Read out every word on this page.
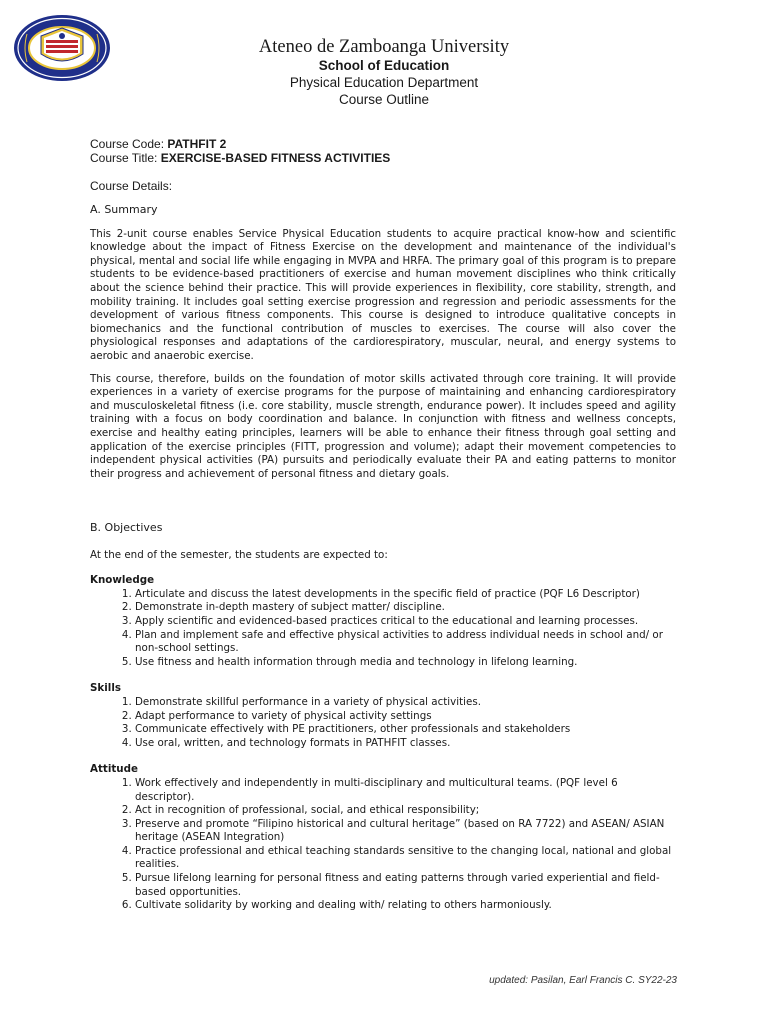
Ateneo de Zamboanga University
School of Education
Physical Education Department
Course Outline
Course Code: PATHFIT 2
Course Title: EXERCISE-BASED FITNESS ACTIVITIES
Course Details:
A. Summary

This 2-unit course enables Service Physical Education students to acquire practical know-how and scientific knowledge about the impact of Fitness Exercise on the development and maintenance of the individual's physical, mental and social life while engaging in MVPA and HRFA. The primary goal of this program is to prepare students to be evidence-based practitioners of exercise and human movement disciplines who think critically about the science behind their practice. This will provide experiences in flexibility, core stability, strength, and mobility training. It includes goal setting exercise progression and regression and periodic assessments for the development of various fitness components. This course is designed to introduce qualitative concepts in biomechanics and the functional contribution of muscles to exercises. The course will also cover the physiological responses and adaptations of the cardiorespiratory, muscular, neural, and energy systems to aerobic and anaerobic exercise.

This course, therefore, builds on the foundation of motor skills activated through core training. It will provide experiences in a variety of exercise programs for the purpose of maintaining and enhancing cardiorespiratory and musculoskeletal fitness (i.e. core stability, muscle strength, endurance power). It includes speed and agility training with a focus on body coordination and balance. In conjunction with fitness and wellness concepts, exercise and healthy eating principles, learners will be able to enhance their fitness through goal setting and application of the exercise principles (FITT, progression and volume); adapt their movement competencies to independent physical activities (PA) pursuits and periodically evaluate their PA and eating patterns to monitor their progress and achievement of personal fitness and dietary goals.

B. Objectives
At the end of the semester, the students are expected to:
Knowledge
1. Articulate and discuss the latest developments in the specific field of practice (PQF L6 Descriptor)
2. Demonstrate in-depth mastery of subject matter/ discipline.
3. Apply scientific and evidenced-based practices critical to the educational and learning processes.
4. Plan and implement safe and effective physical activities to address individual needs in school and/ or non-school settings.
5. Use fitness and health information through media and technology in lifelong learning.
Skills
1. Demonstrate skillful performance in a variety of physical activities.
2. Adapt performance to variety of physical activity settings
3. Communicate effectively with PE practitioners, other professionals and stakeholders
4. Use oral, written, and technology formats in PATHFIT classes.
Attitude
1. Work effectively and independently in multi-disciplinary and multicultural teams. (PQF level 6 descriptor).
2. Act in recognition of professional, social, and ethical responsibility;
3. Preserve and promote “Filipino historical and cultural heritage” (based on RA 7722) and ASEAN/ ASIAN heritage (ASEAN Integration)
4. Practice professional and ethical teaching standards sensitive to the changing local, national and global realities.
5. Pursue lifelong learning for personal fitness and eating patterns through varied experiential and field-based opportunities.
6. Cultivate solidarity by working and dealing with/ relating to others harmoniously.
updated: Pasilan, Earl Francis C. SY22-23
